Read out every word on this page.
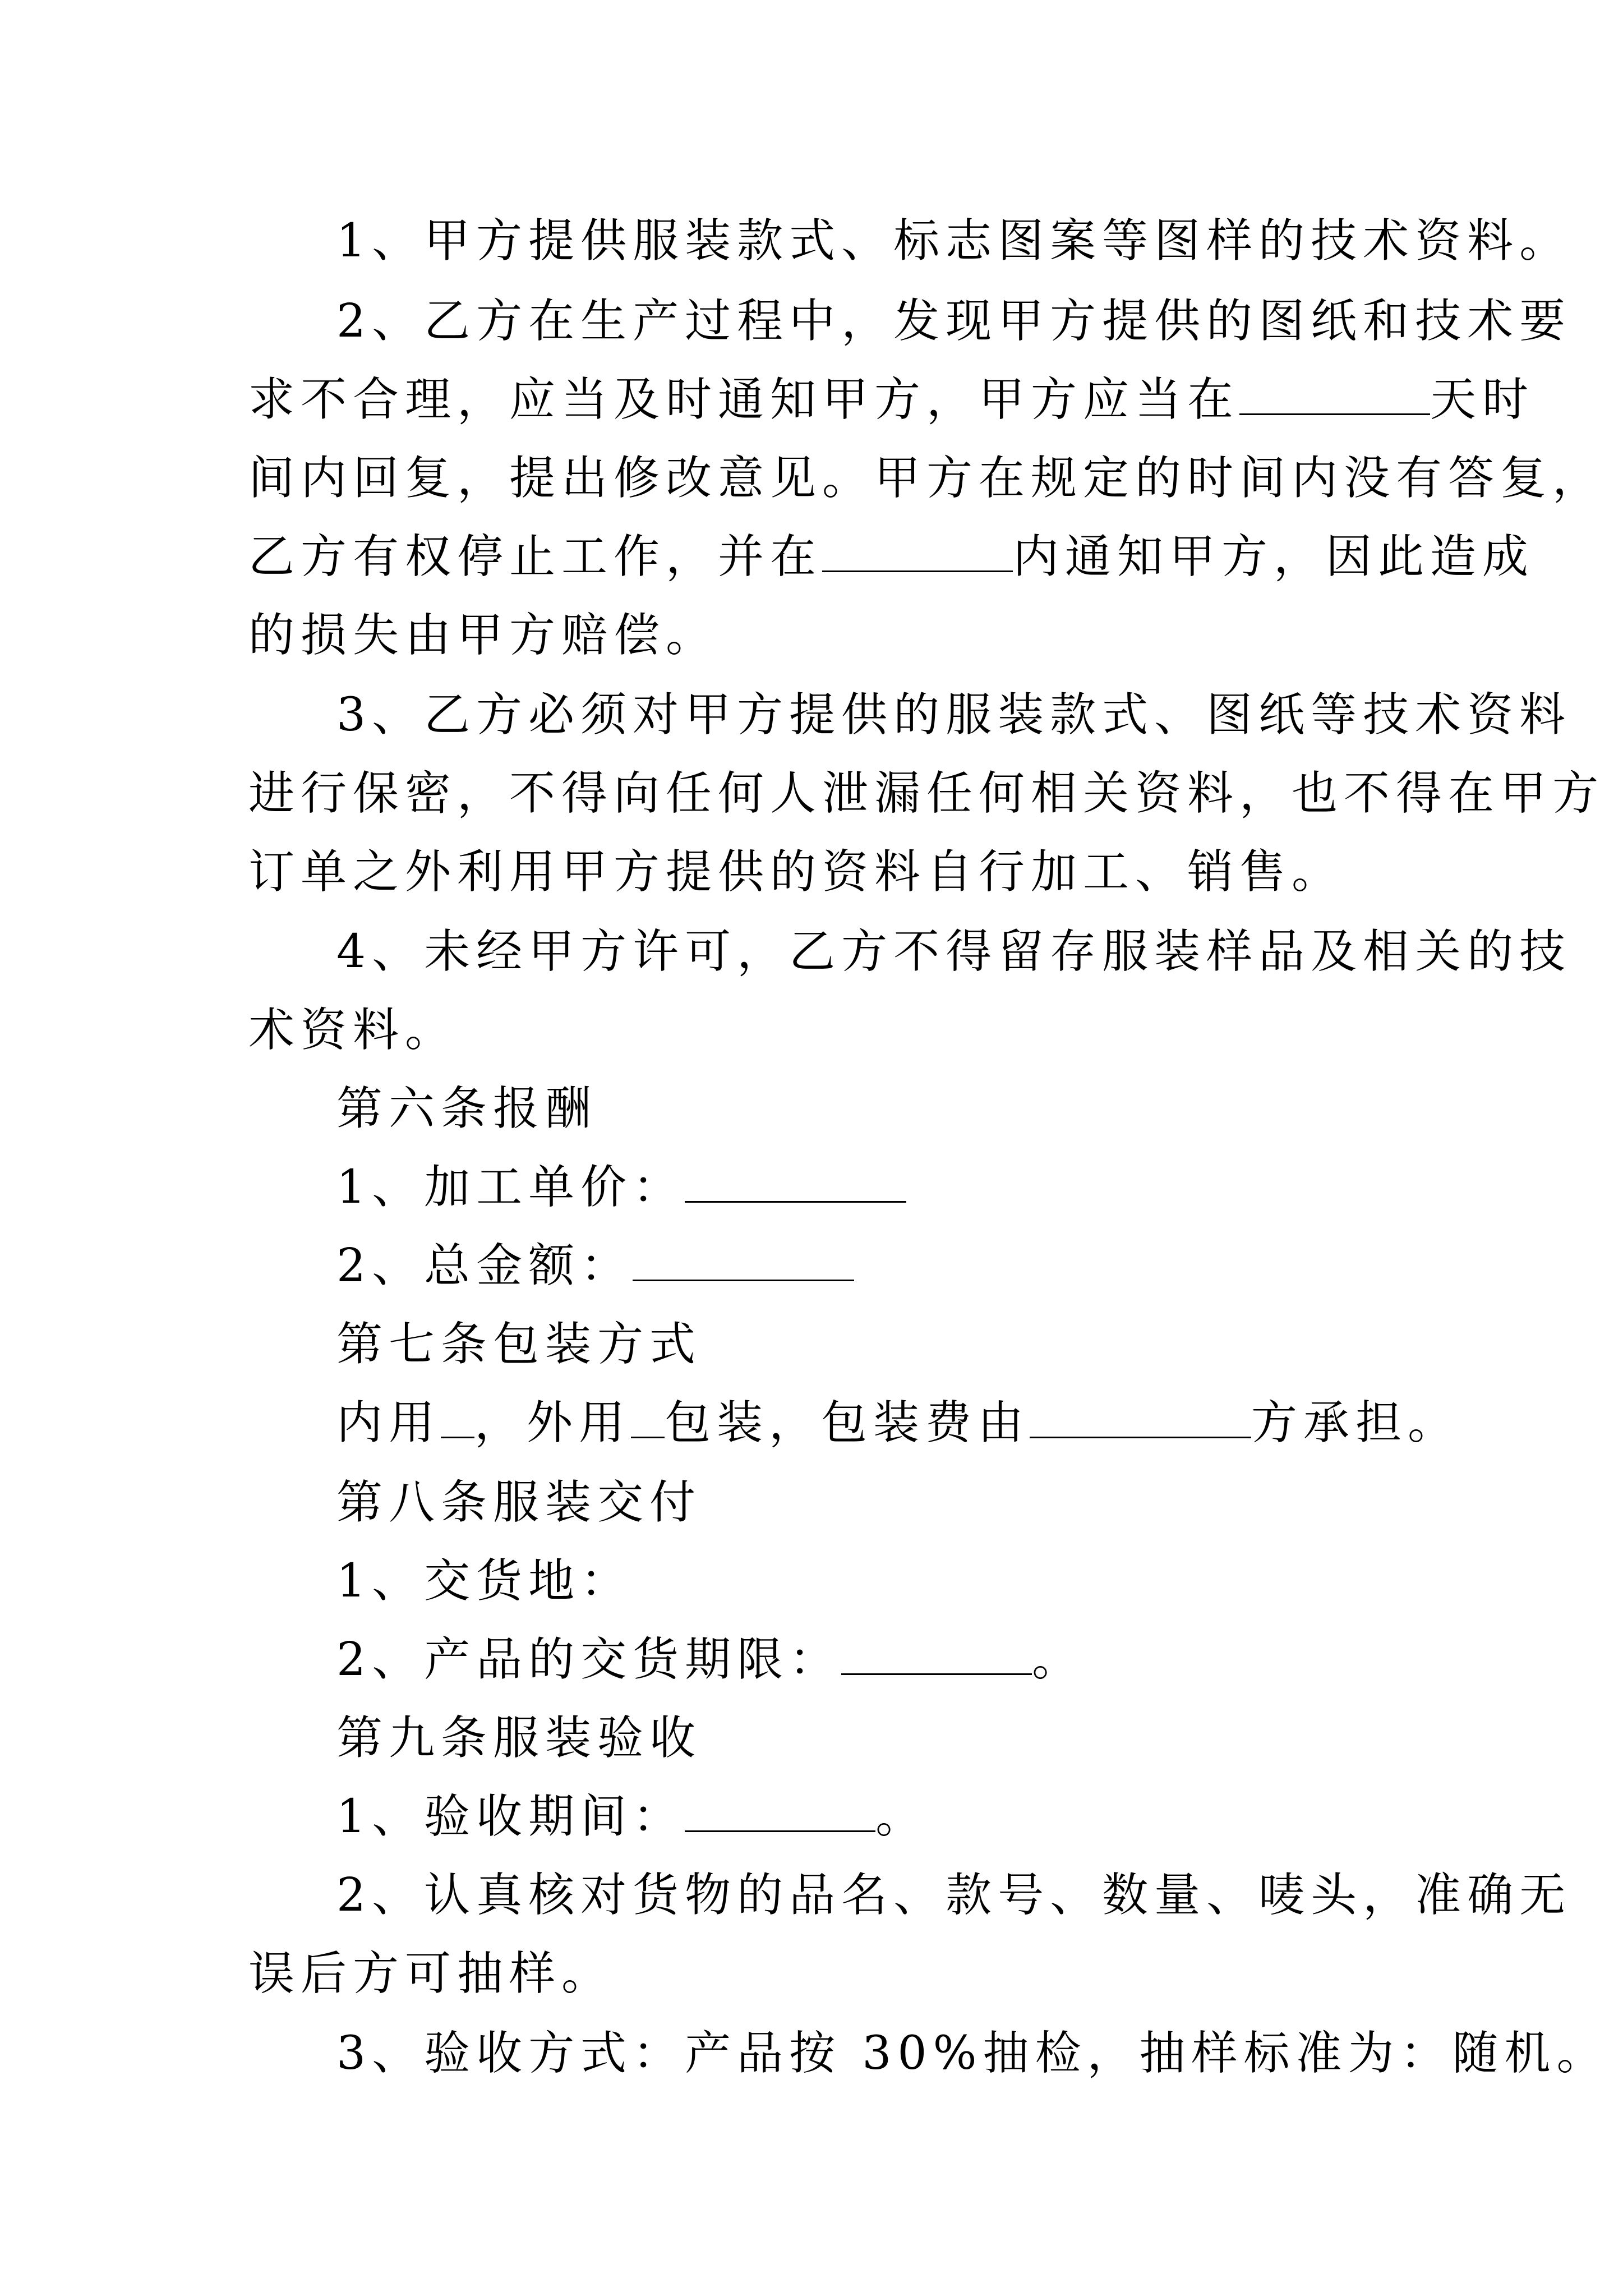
1、甲方提供服装款式、标志图案等图样的技术资料。
2、乙方在生产过程中，发现甲方提供的图纸和技术要
求不合理，应当及时通知甲方，甲方应当在	天时
间内回复，提出修改意见。甲方在规定的时间内没有答复，
乙方有权停止工作，并在	内通知甲方，因此造成
的损失由甲方赔偿。
3、乙方必须对甲方提供的服装款式、图纸等技术资料
进行保密，不得向任何人泄漏任何相关资料，也不得在甲方
订单之外利用甲方提供的资料自行加工、销售。
4、未经甲方许可，乙方不得留存服装样品及相关的技
术资料。
第六条报酬
1、加工单价：
2、总金额：
第七条包装方式
内用 ，外用 包装，包装费由	方承担。
第八条服装交付
1、交货地：
2、产品的交货期限：	。
第九条服装验收
1、验收期间：	。
2、认真核对货物的品名、款号、数量、唛头，准确无
误后方可抽样。
3、验收方式：产品按 30%抽检，抽样标准为：随机。
